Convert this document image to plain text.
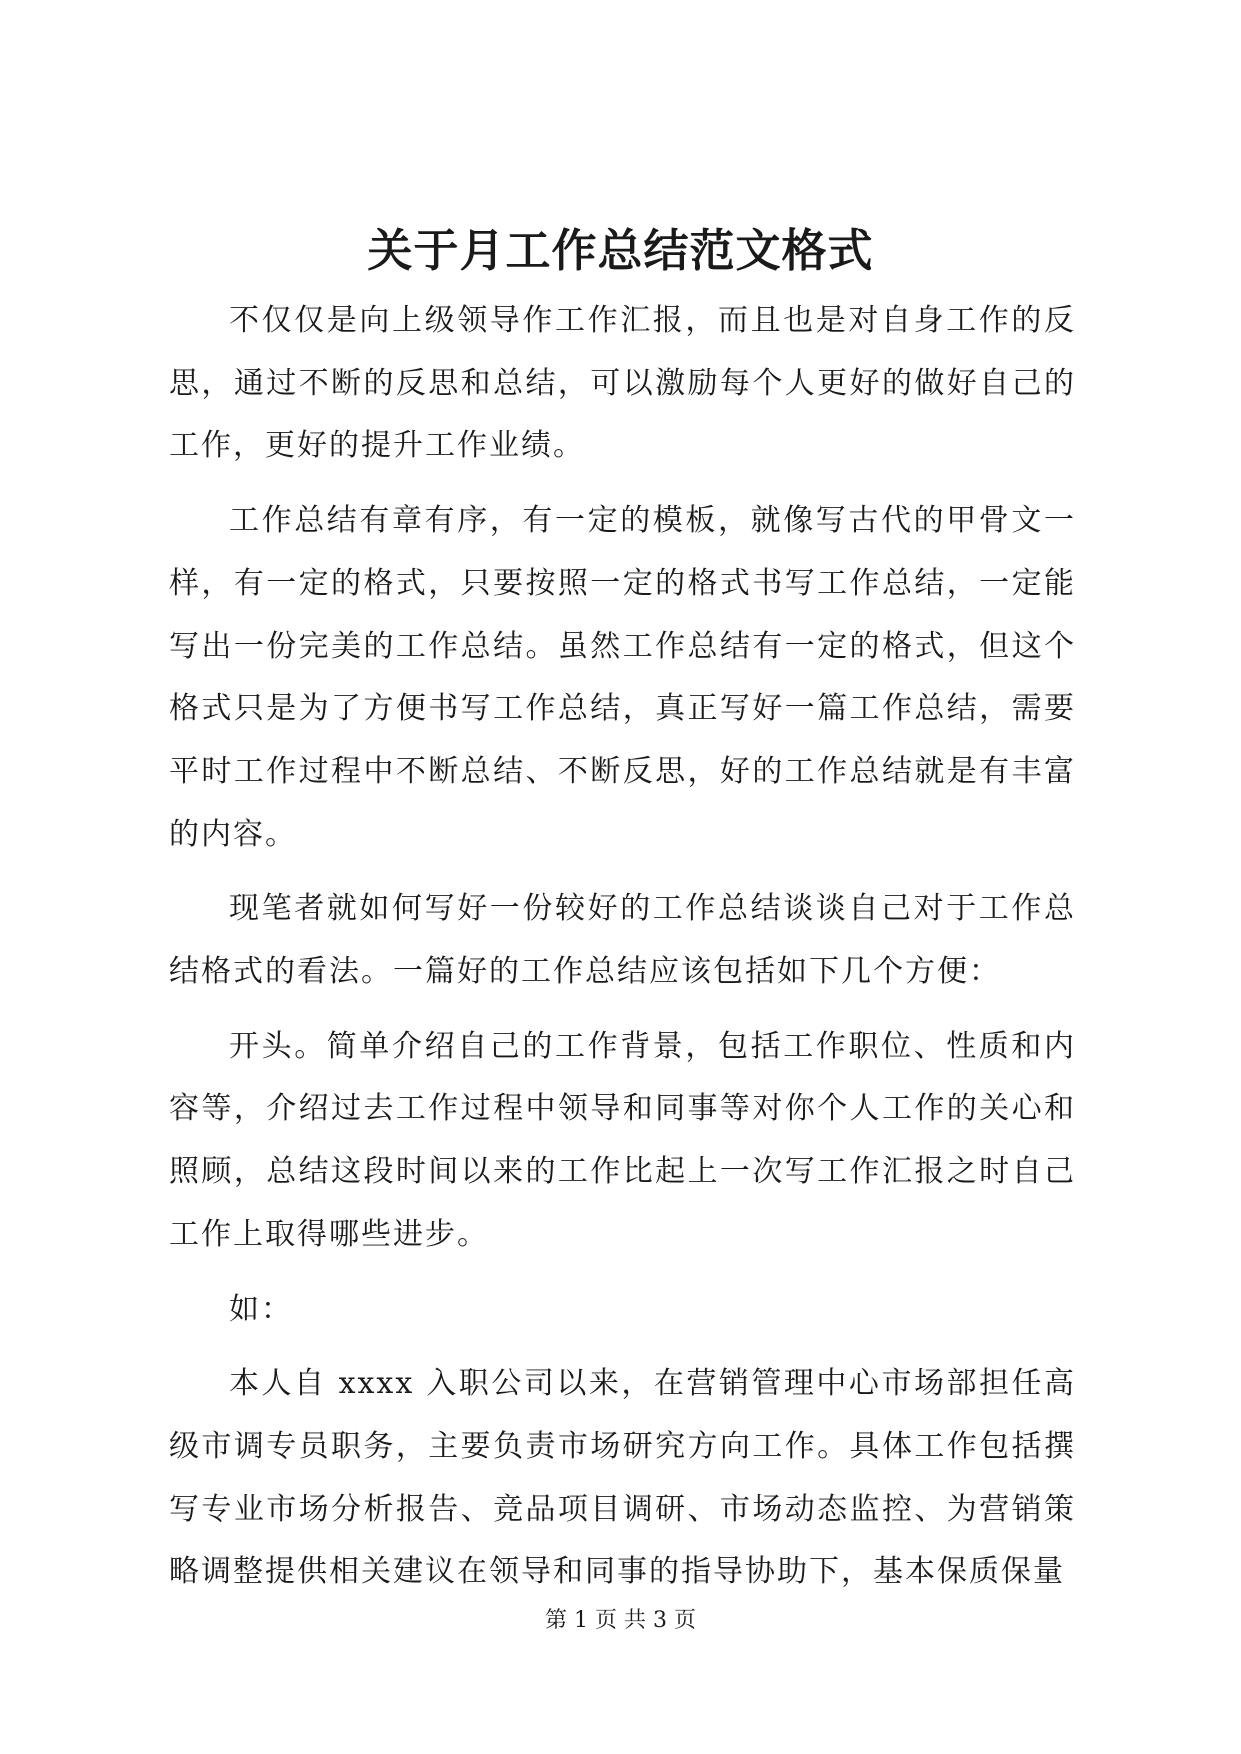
关于月工作总结范文格式

不仅仅是向上级领导作工作汇报，而且也是对自身工作的反思，通过不断的反思和总结，可以激励每个人更好的做好自己的工作，更好的提升工作业绩。

工作总结有章有序，有一定的模板，就像写古代的甲骨文一样，有一定的格式，只要按照一定的格式书写工作总结，一定能写出一份完美的工作总结。虽然工作总结有一定的格式，但这个格式只是为了方便书写工作总结，真正写好一篇工作总结，需要平时工作过程中不断总结、不断反思，好的工作总结就是有丰富的内容。

现笔者就如何写好一份较好的工作总结谈谈自己对于工作总结格式的看法。一篇好的工作总结应该包括如下几个方便：

开头。简单介绍自己的工作背景，包括工作职位、性质和内容等，介绍过去工作过程中领导和同事等对你个人工作的关心和照顾，总结这段时间以来的工作比起上一次写工作汇报之时自己工作上取得哪些进步。

如：

本人自 xxxx 入职公司以来，在营销管理中心市场部担任高级市调专员职务，主要负责市场研究方向工作。具体工作包括撰写专业市场分析报告、竞品项目调研、市场动态监控、为营销策略调整提供相关建议在领导和同事的指导协助下，基本保质保量

第 1 页 共 3 页
